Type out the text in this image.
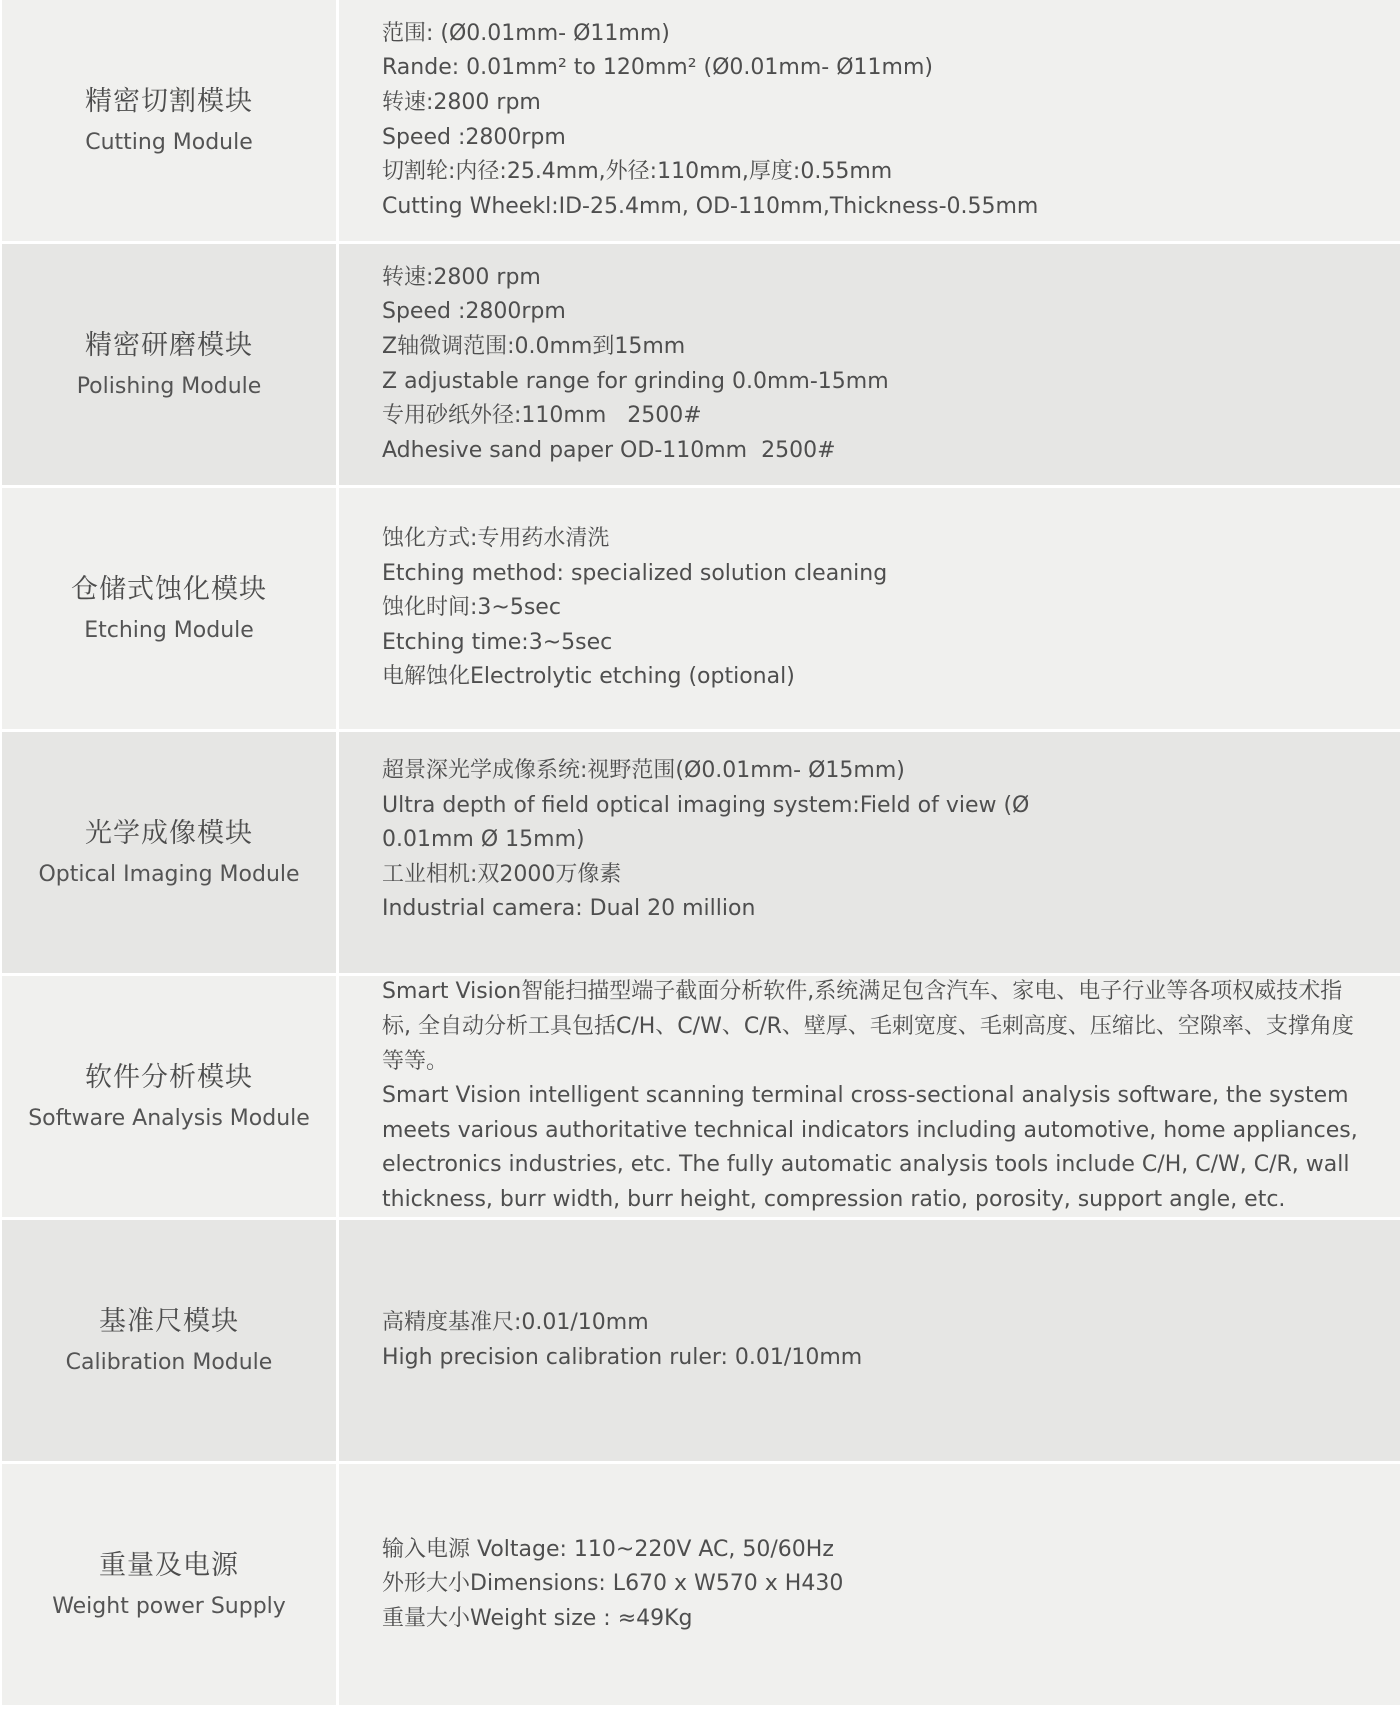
精密切割模块
Cutting Module
范围: (Ø0.01mm- Ø11mm)
Rande: 0.01mm² to 120mm² (Ø0.01mm- Ø11mm)
转速:2800 rpm
Speed :2800rpm
切割轮:内径:25.4mm,外径:110mm,厚度:0.55mm
Cutting Wheekl:ID-25.4mm, OD-110mm,Thickness-0.55mm
精密研磨模块
Polishing Module
转速:2800 rpm
Speed :2800rpm
Z轴微调范围:0.0mm到15mm
Z adjustable range for grinding 0.0mm-15mm
专用砂纸外径:110mm   2500#
Adhesive sand paper OD-110mm  2500#
仓储式蚀化模块
Etching Module
蚀化方式:专用药水清洗
Etching method: specialized solution cleaning
蚀化时间:3~5sec
Etching time:3~5sec
电解蚀化Electrolytic etching (optional)
光学成像模块
Optical Imaging Module
超景深光学成像系统:视野范围(Ø0.01mm- Ø15mm)
Ultra depth of field optical imaging system:Field of view (Ø
0.01mm Ø 15mm)
工业相机:双2000万像素
Industrial camera: Dual 20 million
软件分析模块
Software Analysis Module
Smart Vision智能扫描型端子截面分析软件,系统满足包含汽车、家电、电子行业等各项权威技术指
标, 全自动分析工具包括C/H、C/W、C/R、壁厚、毛刺宽度、毛刺高度、压缩比、空隙率、支撑角度等等。
Smart Vision intelligent scanning terminal cross-sectional analysis software, the system
meets various authoritative technical indicators including automotive, home appliances,
electronics industries, etc. The fully automatic analysis tools include C/H, C/W, C/R, wall
thickness, burr width, burr height, compression ratio, porosity, support angle, etc.
基准尺模块
Calibration Module
高精度基准尺:0.01/10mm
High precision calibration ruler: 0.01/10mm
重量及电源
Weight power Supply
输入电源 Voltage: 110~220V AC, 50/60Hz
外形大小Dimensions: L670 x W570 x H430
重量大小Weight size : ≈49Kg
